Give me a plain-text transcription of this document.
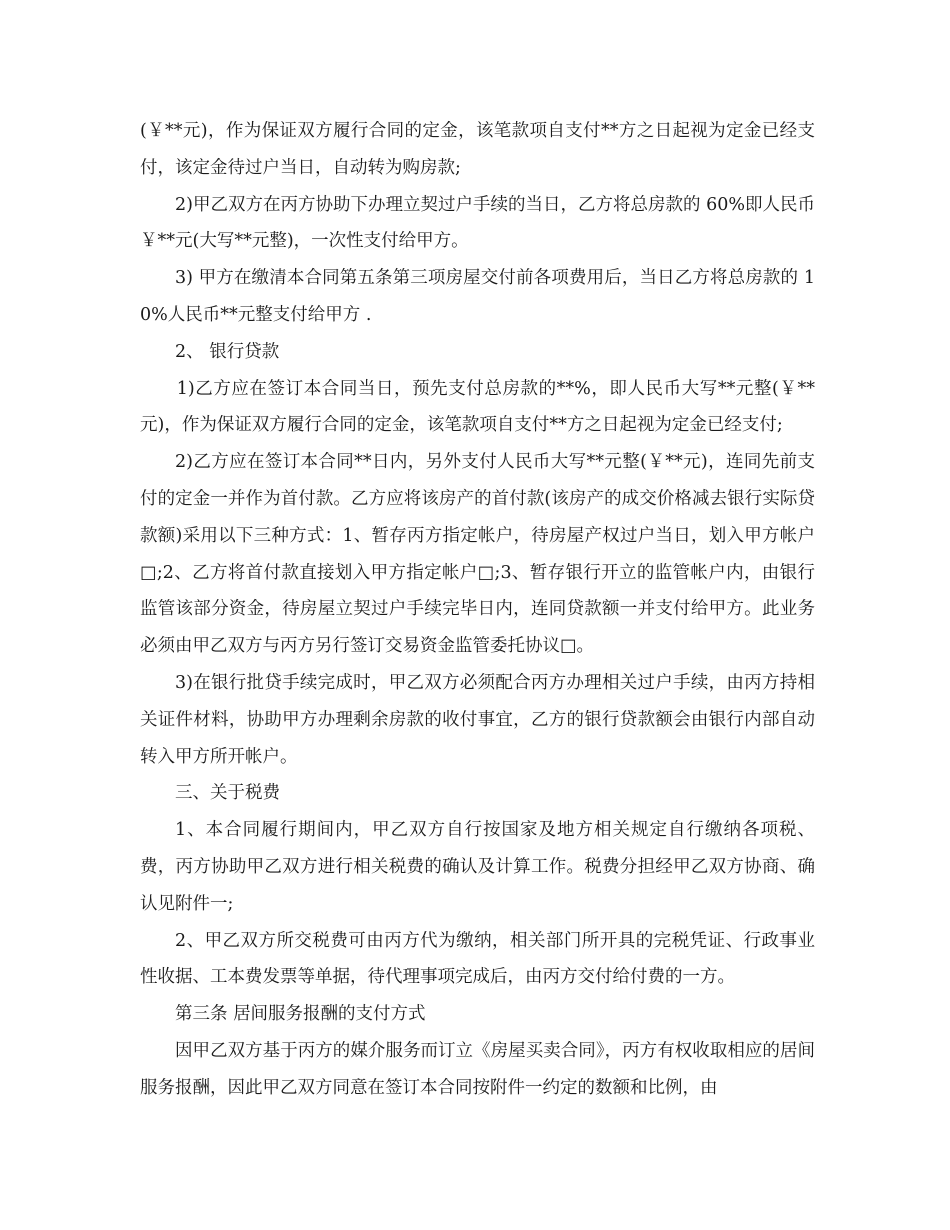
(￥**元)，作为保证双方履行合同的定金，该笔款项自支付**方之日起视为定金已经支付，该定金待过户当日，自动转为购房款;

2)甲乙双方在丙方协助下办理立契过户手续的当日，乙方将总房款的 60%即人民币￥**元(大写**元整)，一次性支付给甲方。

3) 甲方在缴清本合同第五条第三项房屋交付前各项费用后，当日乙方将总房款的 10%人民币**元整支付给甲方 .

2、 银行贷款

1)乙方应在签订本合同当日，预先支付总房款的**%，即人民币大写**元整(￥**元)，作为保证双方履行合同的定金，该笔款项自支付**方之日起视为定金已经支付;

2)乙方应在签订本合同**日内，另外支付人民币大写**元整(￥**元)，连同先前支付的定金一并作为首付款。乙方应将该房产的首付款(该房产的成交价格减去银行实际贷款额)采用以下三种方式：1、暂存丙方指定帐户，待房屋产权过户当日，划入甲方帐户□;2、乙方将首付款直接划入甲方指定帐户□;3、暂存银行开立的监管帐户内，由银行监管该部分资金，待房屋立契过户手续完毕日内，连同贷款额一并支付给甲方。此业务必须由甲乙双方与丙方另行签订交易资金监管委托协议□。

3)在银行批贷手续完成时，甲乙双方必须配合丙方办理相关过户手续，由丙方持相关证件材料，协助甲方办理剩余房款的收付事宜，乙方的银行贷款额会由银行内部自动转入甲方所开帐户。

三、关于税费

1、本合同履行期间内，甲乙双方自行按国家及地方相关规定自行缴纳各项税、费，丙方协助甲乙双方进行相关税费的确认及计算工作。税费分担经甲乙双方协商、确认见附件一;

2、甲乙双方所交税费可由丙方代为缴纳，相关部门所开具的完税凭证、行政事业性收据、工本费发票等单据，待代理事项完成后，由丙方交付给付费的一方。

第三条 居间服务报酬的支付方式

因甲乙双方基于丙方的媒介服务而订立《房屋买卖合同》，丙方有权收取相应的居间服务报酬，因此甲乙双方同意在签订本合同按附件一约定的数额和比例，由
